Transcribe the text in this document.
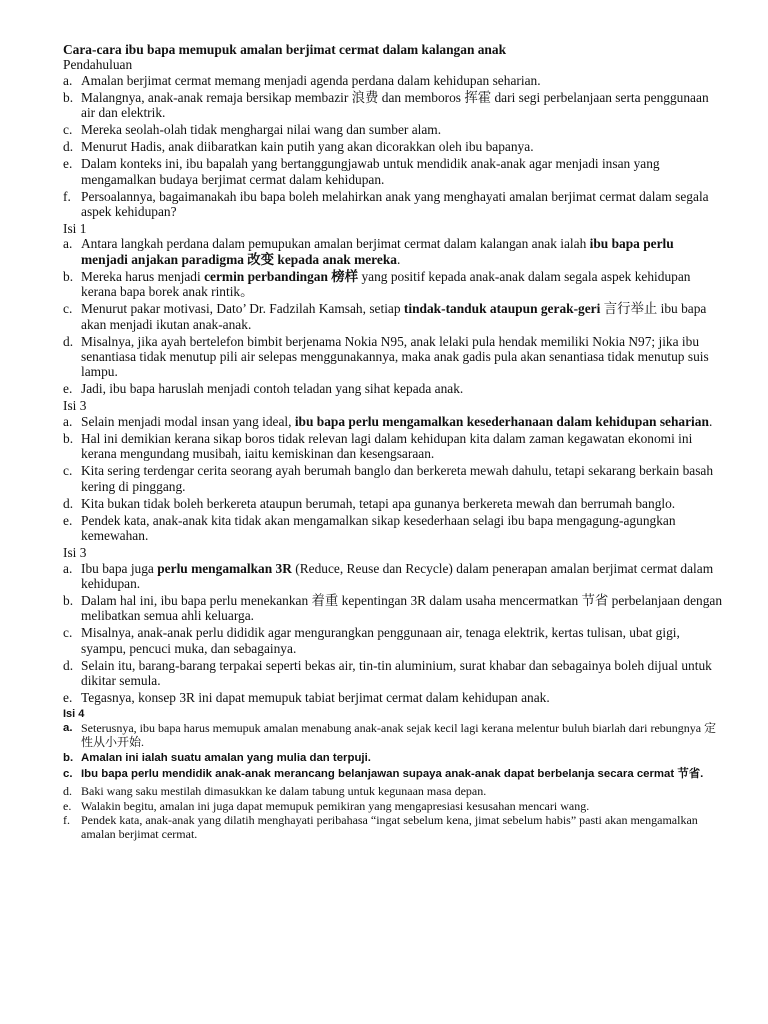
Cara-cara ibu bapa memupuk amalan berjimat cermat dalam kalangan anak
Pendahuluan
a. Amalan berjimat cermat memang menjadi agenda perdana dalam kehidupan seharian.
b. Malangnya, anak-anak remaja bersikap membazir 浪费 dan memboros 挥霍 dari segi perbelanjaan serta penggunaan air dan elektrik.
c. Mereka seolah-olah tidak menghargai nilai wang dan sumber alam.
d. Menurut Hadis, anak diibaratkan kain putih yang akan dicorakkan oleh ibu bapanya.
e. Dalam konteks ini, ibu bapalah yang bertanggungjawab untuk mendidik anak-anak agar menjadi insan yang mengamalkan budaya berjimat cermat dalam kehidupan.
f. Persoalannya, bagaimanakah ibu bapa boleh melahirkan anak yang menghayati amalan berjimat cermat dalam segala aspek kehidupan?
Isi 1
a. Antara langkah perdana dalam pemupukan amalan berjimat cermat dalam kalangan anak ialah ibu bapa perlu menjadi anjakan paradigma 改变 kepada anak mereka.
b. Mereka harus menjadi cermin perbandingan 榜样 yang positif kepada anak-anak dalam segala aspek kehidupan kerana bapa borek anak rintik。
c. Menurut pakar motivasi, Dato’ Dr. Fadzilah Kamsah, setiap tindak-tanduk ataupun gerak-geri 言行举止 ibu bapa akan menjadi ikutan anak-anak.
d. Misalnya, jika ayah bertelefon bimbit berjenama Nokia N95, anak lelaki pula hendak memiliki Nokia N97; jika ibu senantiasa tidak menutup pili air selepas menggunakannya, maka anak gadis pula akan senantiasa tidak menutup suis lampu.
e. Jadi, ibu bapa haruslah menjadi contoh teladan yang sihat kepada anak.
Isi 3
a. Selain menjadi modal insan yang ideal, ibu bapa perlu mengamalkan kesederhanaan dalam kehidupan seharian.
b. Hal ini demikian kerana sikap boros tidak relevan lagi dalam kehidupan kita dalam zaman kegawatan ekonomi ini kerana mengundang musibah, iaitu kemiskinan dan kesengsaraan.
c. Kita sering terdengar cerita seorang ayah berumah banglo dan berkereta mewah dahulu, tetapi sekarang berkain basah kering di pinggang.
d. Kita bukan tidak boleh berkereta ataupun berumah, tetapi apa gunanya berkereta mewah dan berrumah banglo.
e. Pendek kata, anak-anak kita tidak akan mengamalkan sikap kesederhaan selagi ibu bapa mengagung-agungkan kemewahan.
Isi 3
a. Ibu bapa juga perlu mengamalkan 3R (Reduce, Reuse dan Recycle) dalam penerapan amalan berjimat cermat dalam kehidupan.
b. Dalam hal ini, ibu bapa perlu menekankan 着重 kepentingan 3R dalam usaha mencermatkan 节省 perbelanjaan dengan melibatkan semua ahli keluarga.
c. Misalnya, anak-anak perlu dididik agar mengurangkan penggunaan air, tenaga elektrik, kertas tulisan, ubat gigi, syampu, pencuci muka, dan sebagainya.
d. Selain itu, barang-barang terpakai seperti bekas air, tin-tin aluminium, surat khabar dan sebagainya boleh dijual untuk dikitar semula.
e. Tegasnya, konsep 3R ini dapat memupuk tabiat berjimat cermat dalam kehidupan anak.
Isi 4
a. Seterusnya, ibu bapa harus memupuk amalan menabung anak-anak sejak kecil lagi kerana melentur buluh biarlah dari rebungnya 定性从小开始.
b. Amalan ini ialah suatu amalan yang mulia dan terpuji.
c. Ibu bapa perlu mendidik anak-anak merancang belanjawan supaya anak-anak dapat berbelanja secara cermat 节省.
d. Baki wang saku mestilah dimasukkan ke dalam tabung untuk kegunaan masa depan.
e. Walakin begitu, amalan ini juga dapat memupuk pemikiran yang mengapresiasi kesusahan mencari wang.
f. Pendek kata, anak-anak yang dilatih menghayati peribahasa “ingat sebelum kena, jimat sebelum habis” pasti akan mengamalkan amalan berjimat cermat.
